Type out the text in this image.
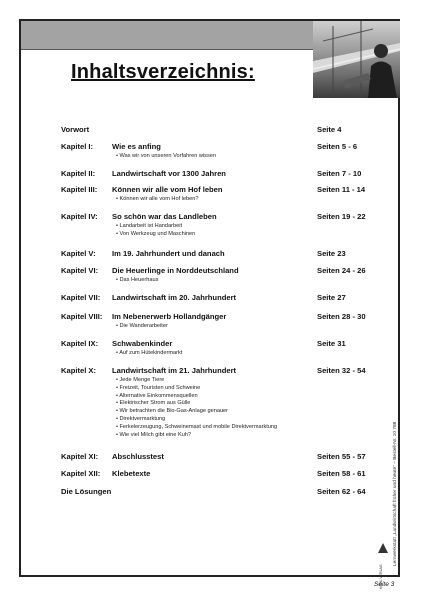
Inhaltsverzeichnis:
Vorwort	Seite 4
Kapitel I: Wie es anfing	Seiten 5 - 6
• Was wir von unseren Vorfahren wissen
Kapitel II: Landwirtschaft vor 1300 Jahren	Seiten 7 - 10
Kapitel III: Können wir alle vom Hof leben	Seiten 11 - 14
• Können wir alle vom Hof leben?
Kapitel IV: So schön war das Landleben	Seiten 19 - 22
• Landarbeit ist Handarbeit
• Von Werkzeug und Maschinen
Kapitel V: Im 19. Jahrhundert und danach	Seite 23
Kapitel VI: Die Heuerlinge in Norddeutschland	Seiten 24 - 26
• Das Heuerhaus
Kapitel VII: Landwirtschaft im 20. Jahrhundert	Seite 27
Kapitel VIII: Im Nebenerwerb Hollandgänger	Seiten 28 - 30
• Die Wanderarbeiter
Kapitel IX: Schwabenkinder	Seite 31
• Auf zum Hütekindermarkt
Kapitel X: Landwirtschaft im 21. Jahrhundert	Seiten 32 - 54
• Jede Menge Tiere
• Freizeit, Touristen und Schweine
• Alternative Einkommensquellen
• Elektrischer Strom aus Gülle
• Wir betrachten die Bio-Gas-Anlage genauer
• Direktvermarktung
• Ferkelerzeugung, Schweinemast und mobile Direktvermarktung
• Wie viel Milch gibt eine Kuh?
Kapitel XI: Abschlusstest	Seiten 55 - 57
Kapitel XII: Klebetexte	Seiten 58 - 61
Die Lösungen	Seiten 62 - 64
KOHL VERLAG
Lernwerkstatt „Landwirtschaft früher und heute" – Bestell-Nr. 10 788
Seite 3
